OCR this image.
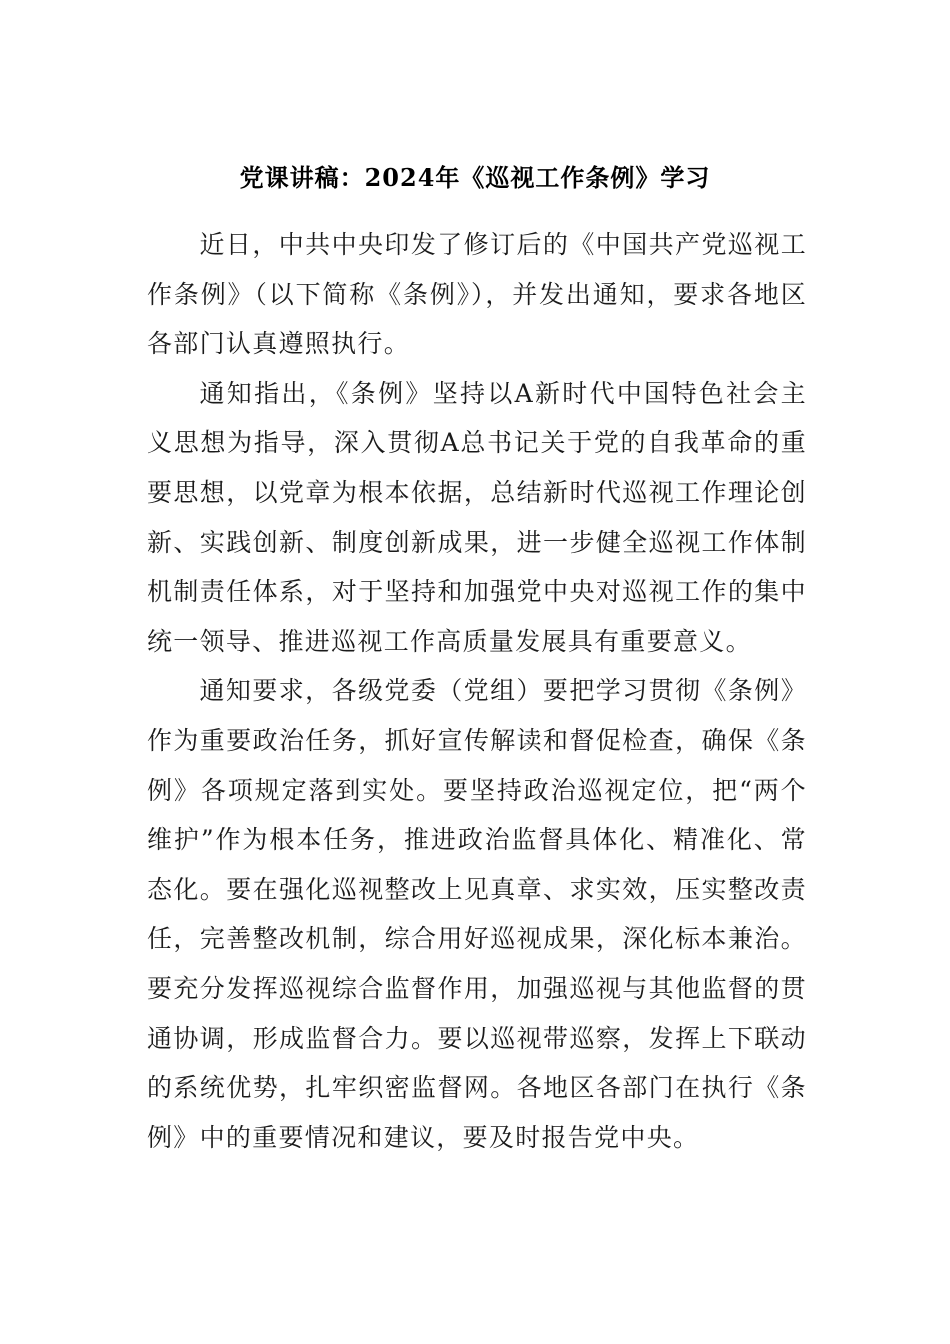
党课讲稿：2024年《巡视工作条例》学习

近日，中共中央印发了修订后的《中国共产党巡视工作条例》（以下简称《条例》），并发出通知，要求各地区各部门认真遵照执行。

通知指出，《条例》坚持以A新时代中国特色社会主义思想为指导，深入贯彻A总书记关于党的自我革命的重要思想，以党章为根本依据，总结新时代巡视工作理论创新、实践创新、制度创新成果，进一步健全巡视工作体制机制责任体系，对于坚持和加强党中央对巡视工作的集中统一领导、推进巡视工作高质量发展具有重要意义。

通知要求，各级党委（党组）要把学习贯彻《条例》作为重要政治任务，抓好宣传解读和督促检查，确保《条例》各项规定落到实处。要坚持政治巡视定位，把“两个维护”作为根本任务，推进政治监督具体化、精准化、常态化。要在强化巡视整改上见真章、求实效，压实整改责任，完善整改机制，综合用好巡视成果，深化标本兼治。要充分发挥巡视综合监督作用，加强巡视与其他监督的贯通协调，形成监督合力。要以巡视带巡察，发挥上下联动的系统优势，扎牢织密监督网。各地区各部门在执行《条例》中的重要情况和建议，要及时报告党中央。
